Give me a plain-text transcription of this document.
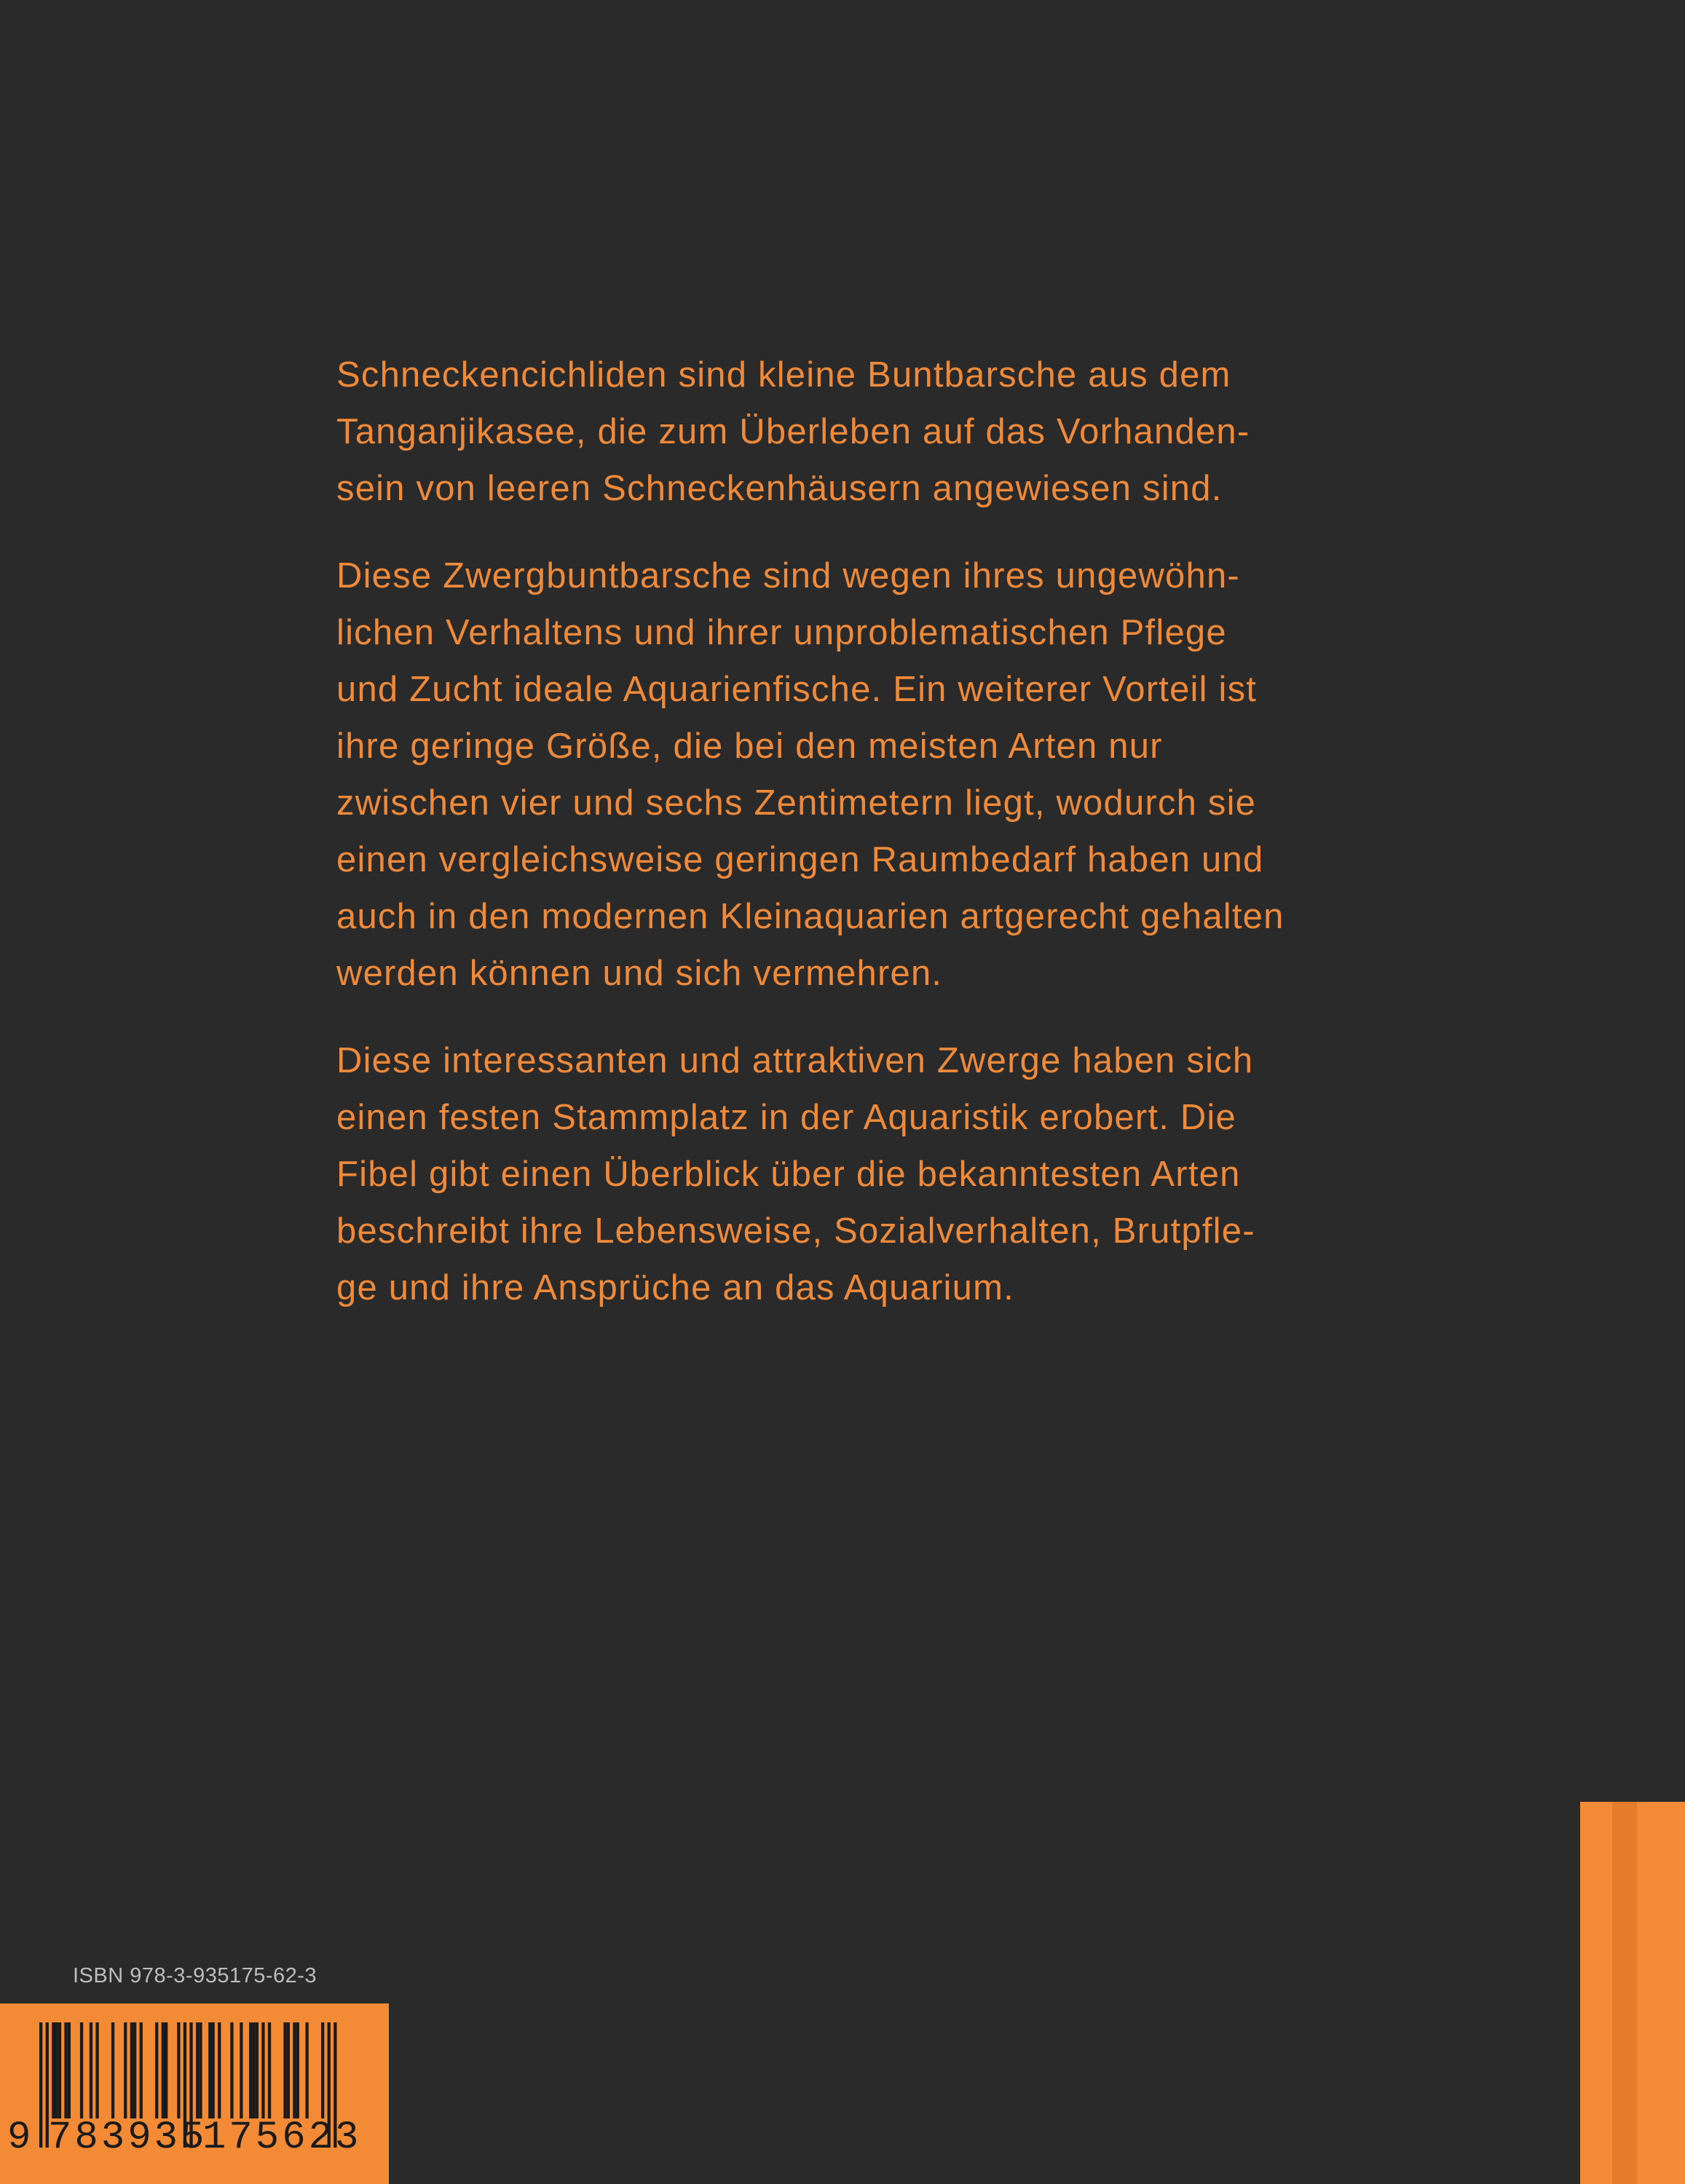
Schneckencichliden sind kleine Buntbarsche aus dem
Tanganjikasee, die zum Überleben auf das Vorhanden-
sein von leeren Schneckenhäusern angewiesen sind.

Diese Zwergbuntbarsche sind wegen ihres ungewöhn-
lichen Verhaltens und ihrer unproblematischen Pflege
und Zucht ideale Aquarienfische. Ein weiterer Vorteil ist
ihre geringe Größe, die bei den meisten Arten nur
zwischen vier und sechs Zentimetern liegt, wodurch sie
einen vergleichsweise geringen Raumbedarf haben und
auch in den modernen Kleinaquarien artgerecht gehalten
werden können und sich vermehren.

Diese interessanten und attraktiven Zwerge haben sich
einen festen Stammplatz in der Aquaristik erobert. Die
Fibel gibt einen Überblick über die bekanntesten Arten
beschreibt ihre Lebensweise, Sozialverhalten, Brutpfle-
ge und ihre Ansprüche an das Aquarium.

ISBN 978-3-935175-62-3
9 783935
175623
